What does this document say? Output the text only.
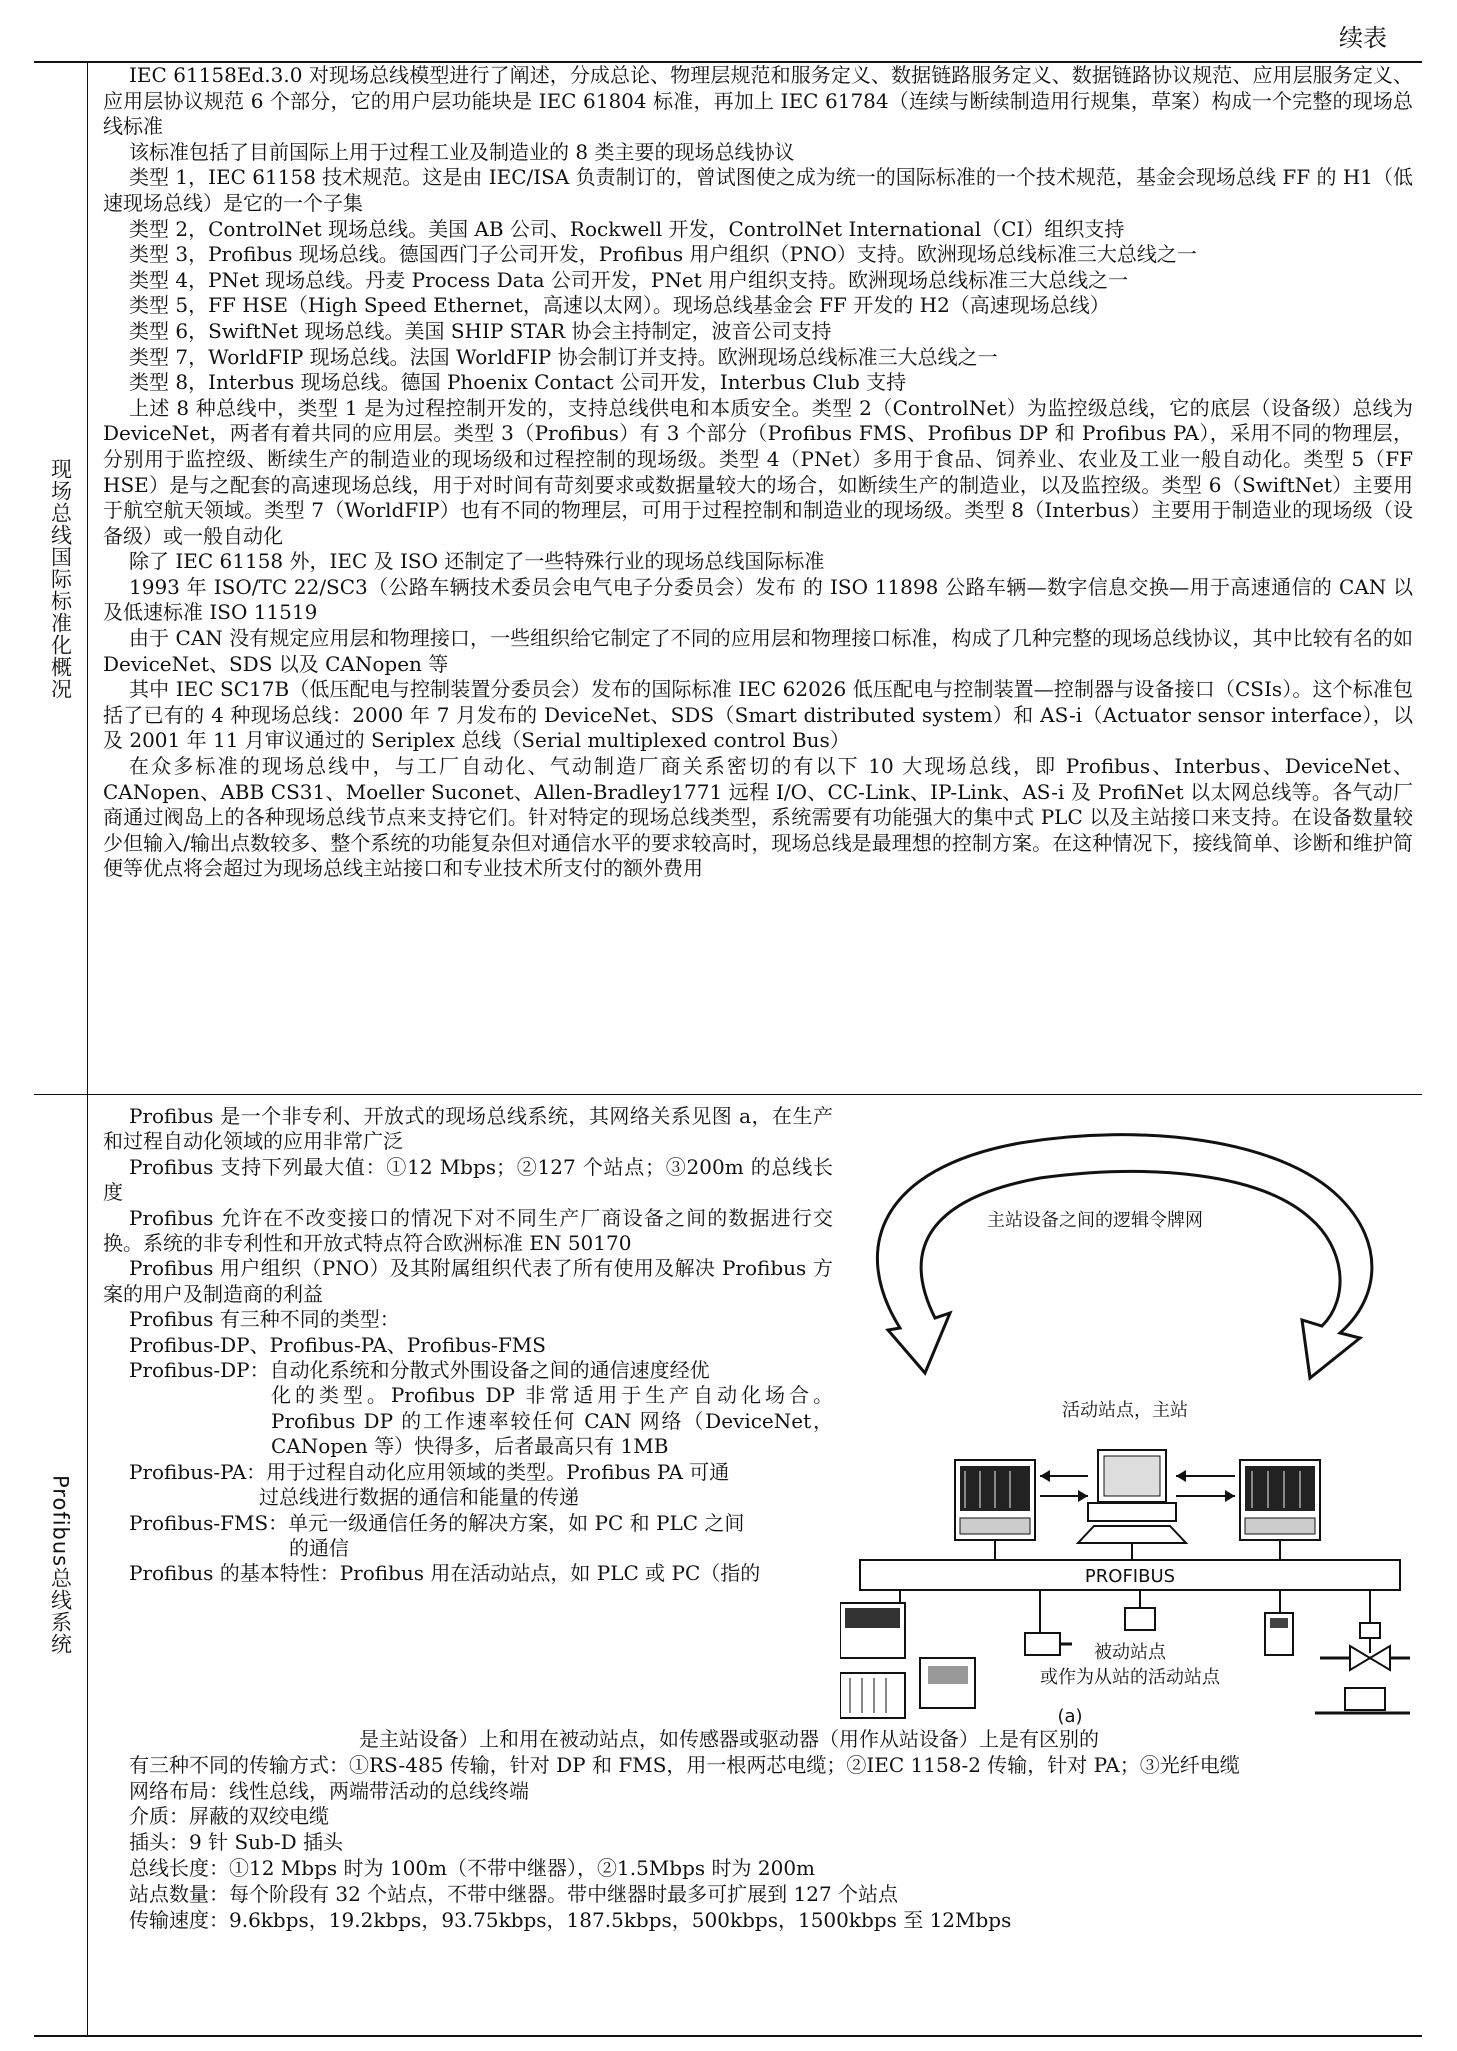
续表
现场总线国际标准化概况

IEC 61158Ed.3.0 对现场总线模型进行了阐述，分成总论、物理层规范和服务定义、数据链路服务定义、数据链路协议规范、应用层服务定义、应用层协议规范 6 个部分，它的用户层功能块是 IEC 61804 标准，再加上 IEC 61784（连续与断续制造用行规集，草案）构成一个完整的现场总线标准

该标准包括了目前国际上用于过程工业及制造业的 8 类主要的现场总线协议

类型 1，IEC 61158 技术规范。这是由 IEC/ISA 负责制订的，曾试图使之成为统一的国际标准的一个技术规范，基金会现场总线 FF 的 H1（低速现场总线）是它的一个子集

类型 2，ControlNet 现场总线。美国 AB 公司、Rockwell 开发，ControlNet International（CI）组织支持

类型 3，Profibus 现场总线。德国西门子公司开发，Profibus 用户组织（PNO）支持。欧洲现场总线标准三大总线之一

类型 4，PNet 现场总线。丹麦 Process Data 公司开发，PNet 用户组织支持。欧洲现场总线标准三大总线之一

类型 5，FF HSE（High Speed Ethernet，高速以太网）。现场总线基金会 FF 开发的 H2（高速现场总线）

类型 6，SwiftNet 现场总线。美国 SHIP STAR 协会主持制定，波音公司支持

类型 7，WorldFIP 现场总线。法国 WorldFIP 协会制订并支持。欧洲现场总线标准三大总线之一

类型 8，Interbus 现场总线。德国 Phoenix Contact 公司开发，Interbus Club 支持

上述 8 种总线中，类型 1 是为过程控制开发的，支持总线供电和本质安全。类型 2（ControlNet）为监控级总线，它的底层（设备级）总线为 DeviceNet，两者有着共同的应用层。类型 3（Profibus）有 3 个部分（Profibus FMS、Profibus DP 和 Profibus PA），采用不同的物理层，分别用于监控级、断续生产的制造业的现场级和过程控制的现场级。类型 4（PNet）多用于食品、饲养业、农业及工业一般自动化。类型 5（FF HSE）是与之配套的高速现场总线，用于对时间有苛刻要求或数据量较大的场合，如断续生产的制造业，以及监控级。类型 6（SwiftNet）主要用于航空航天领域。类型 7（WorldFIP）也有不同的物理层，可用于过程控制和制造业的现场级。类型 8（Interbus）主要用于制造业的现场级（设备级）或一般自动化

除了 IEC 61158 外，IEC 及 ISO 还制定了一些特殊行业的现场总线国际标准

1993 年 ISO/TC 22/SC3（公路车辆技术委员会电气电子分委员会）发布 的 ISO 11898 公路车辆—数字信息交换—用于高速通信的 CAN 以及低速标准 ISO 11519

由于 CAN 没有规定应用层和物理接口，一些组织给它制定了不同的应用层和物理接口标准，构成了几种完整的现场总线协议，其中比较有名的如 DeviceNet、SDS 以及 CANopen 等

其中 IEC SC17B（低压配电与控制装置分委员会）发布的国际标准 IEC 62026 低压配电与控制装置—控制器与设备接口（CSIs）。这个标准包括了已有的 4 种现场总线：2000 年 7 月发布的 DeviceNet、SDS（Smart distributed system）和 AS-i（Actuator sensor interface），以及 2001 年 11 月审议通过的 Seriplex 总线（Serial multiplexed control Bus）

在众多标准的现场总线中，与工厂自动化、气动制造厂商关系密切的有以下 10 大现场总线，即 Profibus、Interbus、DeviceNet、CANopen、ABB CS31、Moeller Suconet、Allen-Bradley1771 远程 I/O、CC-Link、IP-Link、AS-i 及 ProfiNet 以太网总线等。各气动厂商通过阀岛上的各种现场总线节点来支持它们。针对特定的现场总线类型，系统需要有功能强大的集中式 PLC 以及主站接口来支持。在设备数量较少但输入/输出点数较多、整个系统的功能复杂但对通信水平的要求较高时，现场总线是最理想的控制方案。在这种情况下，接线简单、诊断和维护简便等优点将会超过为现场总线主站接口和专业技术所支付的额外费用

Profibus总线系统

Profibus 是一个非专利、开放式的现场总线系统，其网络关系见图 a，在生产和过程自动化领域的应用非常广泛

Profibus 支持下列最大值：①12 Mbps；②127 个站点；③200m 的总线长度

Profibus 允许在不改变接口的情况下对不同生产厂商设备之间的数据进行交换。系统的非专利性和开放式特点符合欧洲标准 EN 50170

Profibus 用户组织（PNO）及其附属组织代表了所有使用及解决 Profibus 方案的用户及制造商的利益

Profibus 有三种不同的类型：

Profibus-DP、Profibus-PA、Profibus-FMS

Profibus-DP：自动化系统和分散式外围设备之间的通信速度经优
化的类型。Profibus DP 非常适用于生产自动化场合。Profibus DP 的工作速率较任何 CAN 网络（DeviceNet，CANopen 等）快得多，后者最高只有 1MB

Profibus-PA：用于过程自动化应用领域的类型。Profibus PA 可通
过总线进行数据的通信和能量的传递

Profibus-FMS：单元一级通信任务的解决方案，如 PC 和 PLC 之间
的通信

Profibus 的基本特性：Profibus 用在活动站点，如 PLC 或 PC（指的

是主站设备）上和用在被动站点，如传感器或驱动器（用作从站设备）上是有区别的

有三种不同的传输方式：①RS-485 传输，针对 DP 和 FMS，用一根两芯电缆；②IEC 1158-2 传输，针对 PA；③光纤电缆

网络布局：线性总线，两端带活动的总线终端

介质：屏蔽的双绞电缆

插头：9 针 Sub-D 插头

总线长度：①12 Mbps 时为 100m（不带中继器），②1.5Mbps 时为 200m

站点数量：每个阶段有 32 个站点，不带中继器。带中继器时最多可扩展到 127 个站点

传输速度：9.6kbps，19.2kbps，93.75kbps，187.5kbps，500kbps，1500kbps 至 12Mbps

主站设备之间的逻辑令牌网
活动站点，主站
PROFIBUS
被动站点
或作为从站的活动站点
(a)
